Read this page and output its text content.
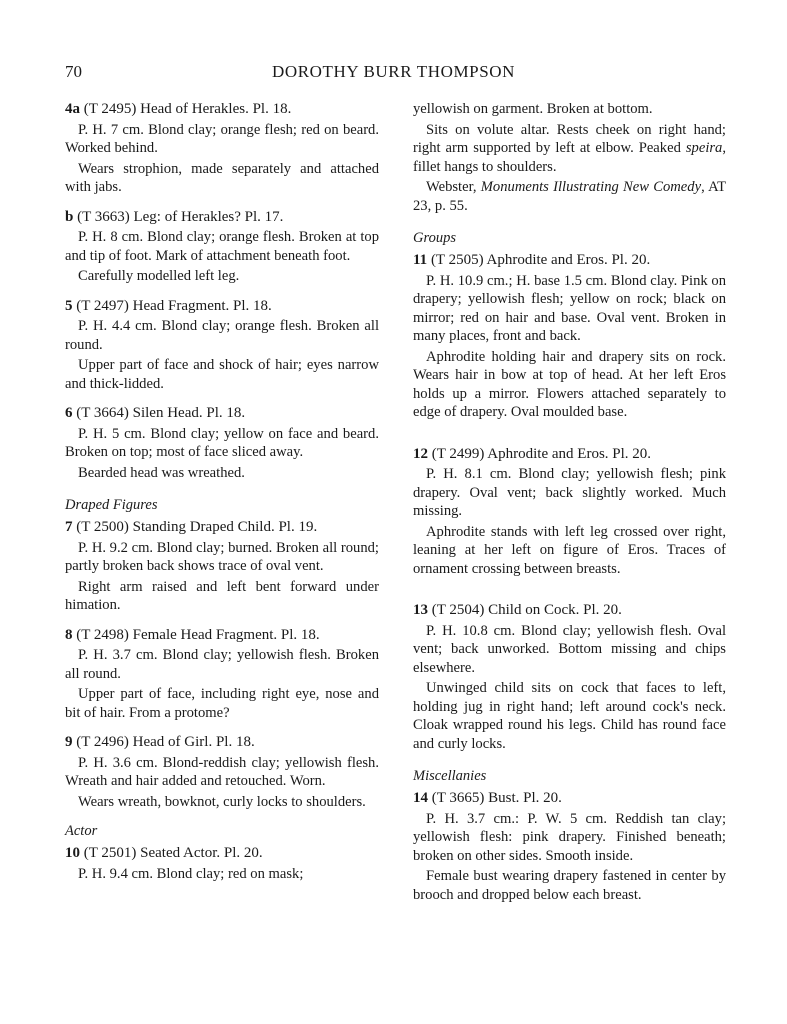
70	DOROTHY BURR THOMPSON
4a (T 2495) Head of Herakles. Pl. 18.

P. H. 7 cm. Blond clay; orange flesh; red on beard. Worked behind.

Wears strophion, made separately and attached with jabs.

b (T 3663) Leg: of Herakles? Pl. 17.

P. H. 8 cm. Blond clay; orange flesh. Broken at top and tip of foot. Mark of attachment beneath foot.

Carefully modelled left leg.

5 (T 2497) Head Fragment. Pl. 18.

P. H. 4.4 cm. Blond clay; orange flesh. Broken all round.

Upper part of face and shock of hair; eyes narrow and thick-lidded.

6 (T 3664) Silen Head. Pl. 18.

P. H. 5 cm. Blond clay; yellow on face and beard. Broken on top; most of face sliced away.

Bearded head was wreathed.

Draped Figures
7 (T 2500) Standing Draped Child. Pl. 19.

P. H. 9.2 cm. Blond clay; burned. Broken all round; partly broken back shows trace of oval vent.

Right arm raised and left bent forward under himation.

8 (T 2498) Female Head Fragment. Pl. 18.

P. H. 3.7 cm. Blond clay; yellowish flesh. Broken all round.

Upper part of face, including right eye, nose and bit of hair. From a protome?

9 (T 2496) Head of Girl. Pl. 18.

P. H. 3.6 cm. Blond-reddish clay; yellowish flesh. Wreath and hair added and retouched. Worn.

Wears wreath, bowknot, curly locks to shoulders.

Actor
10 (T 2501) Seated Actor. Pl. 20.

P. H. 9.4 cm. Blond clay; red on mask;

yellowish on garment. Broken at bottom.

Sits on volute altar. Rests cheek on right hand; right arm supported by left at elbow. Peaked speira, fillet hangs to shoulders.

Webster, Monuments Illustrating New Comedy, AT 23, p. 55.

Groups
11 (T 2505) Aphrodite and Eros. Pl. 20.

P. H. 10.9 cm.; H. base 1.5 cm. Blond clay. Pink on drapery; yellowish flesh; yellow on rock; black on mirror; red on hair and base. Oval vent. Broken in many places, front and back.

Aphrodite holding hair and drapery sits on rock. Wears hair in bow at top of head. At her left Eros holds up a mirror. Flowers attached separately to edge of drapery. Oval moulded base.

12 (T 2499) Aphrodite and Eros. Pl. 20.

P. H. 8.1 cm. Blond clay; yellowish flesh; pink drapery. Oval vent; back slightly worked. Much missing.

Aphrodite stands with left leg crossed over right, leaning at her left on figure of Eros. Traces of ornament crossing between breasts.

13 (T 2504) Child on Cock. Pl. 20.

P. H. 10.8 cm. Blond clay; yellowish flesh. Oval vent; back unworked. Bottom missing and chips elsewhere.

Unwinged child sits on cock that faces to left, holding jug in right hand; left around cock's neck. Cloak wrapped round his legs. Child has round face and curly locks.

Miscellanies
14 (T 3665) Bust. Pl. 20.

P. H. 3.7 cm.: P. W. 5 cm. Reddish tan clay; yellowish flesh: pink drapery. Finished beneath; broken on other sides. Smooth inside.

Female bust wearing drapery fastened in center by brooch and dropped below each breast.
